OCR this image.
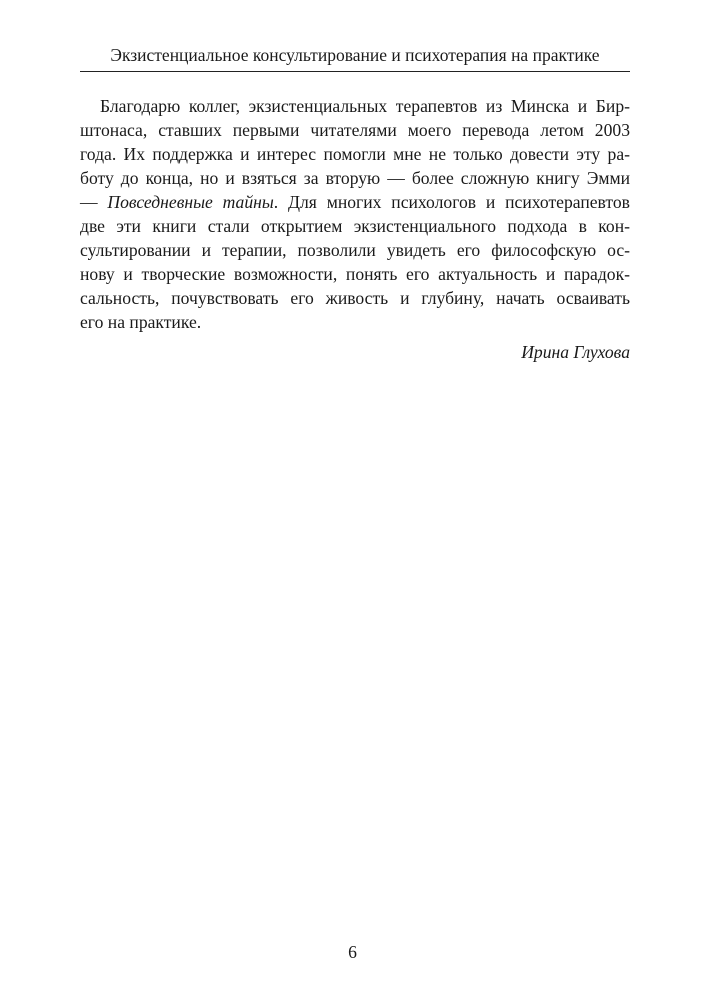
Экзистенциальное консультирование и психотерапия на практике
Благодарю коллег, экзистенциальных терапевтов из Минска и Бир-
штонаса, ставших первыми читателями моего перевода летом 2003
года. Их поддержка и интерес помогли мне не только довести эту ра-
боту до конца, но и взяться за вторую — более сложную книгу Эмми
— Повседневные тайны. Для многих психологов и психотерапевтов
две эти книги стали открытием экзистенциального подхода в кон-
сультировании и терапии, позволили увидеть его философскую ос-
нову и творческие возможности, понять его актуальность и парадок-
сальность, почувствовать его живость и глубину, начать осваивать
его на практике.
Ирина Глухова
6
